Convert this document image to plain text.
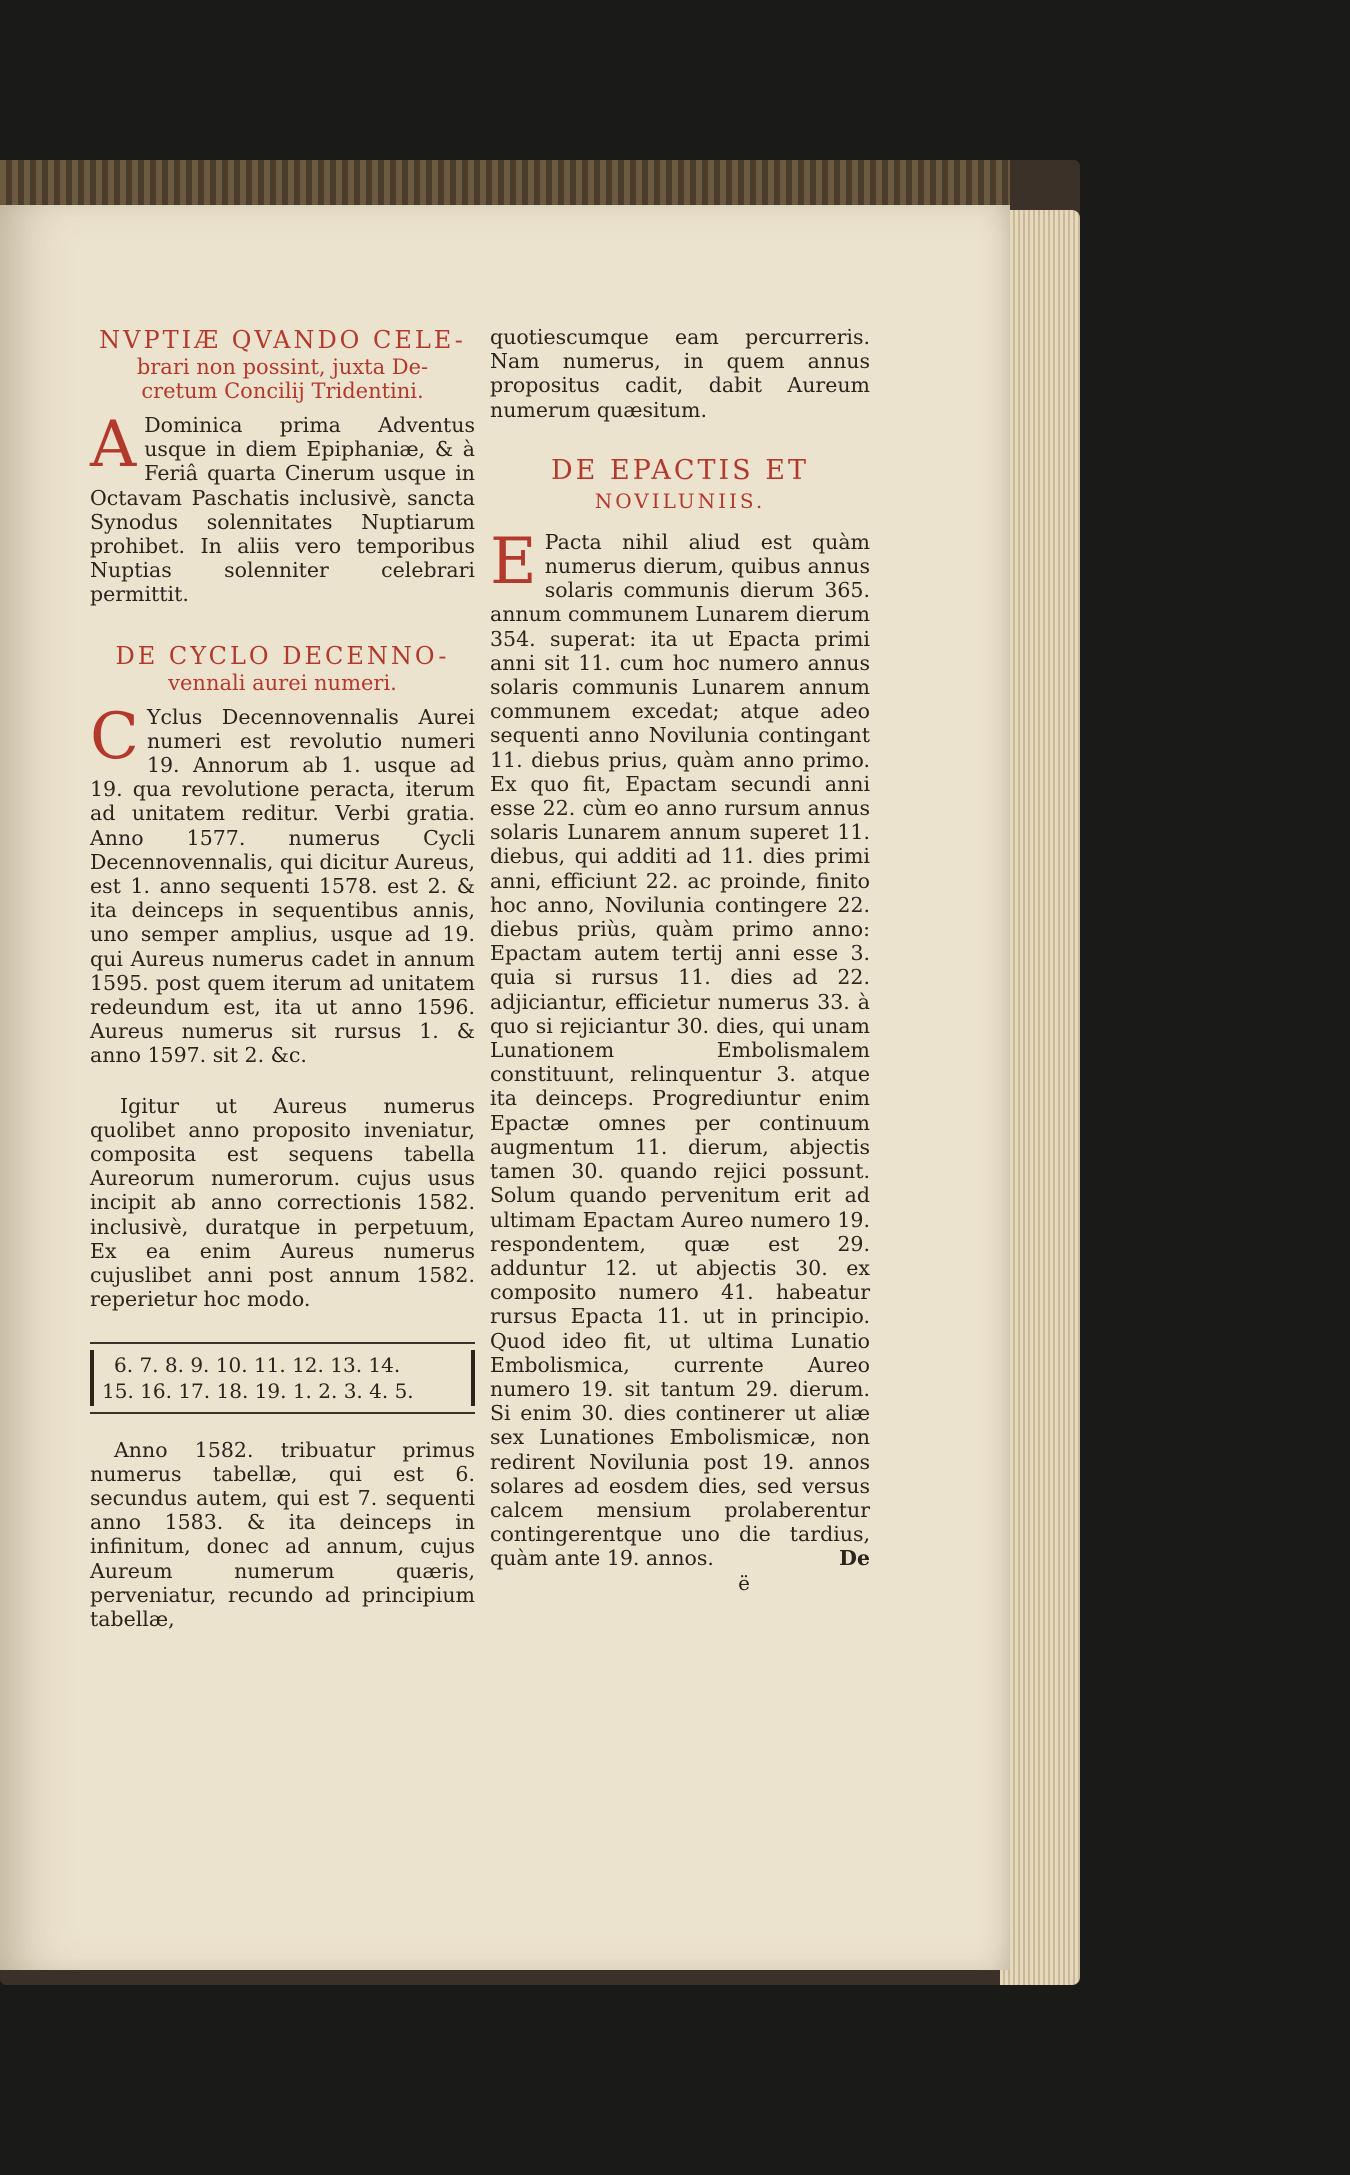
NVPTIÆ QVANDO CELE-
brari non possint, juxta De-
cretum Concilij Tridentini.
A Dominica prima Adventus usque in diem Epiphaniæ, & à Feriâ quarta Cinerum usque in Octavam Paschatis inclusivè, sancta Synodus solennitates Nuptiarum prohibet. In aliis vero temporibus Nuptias solenniter celebrari permittit.
DE CYCLO DECENNO-
vennali aurei numeri.
C Yclus Decennovennalis Aurei numeri est revolutio numeri 19. Annorum ab 1. usque ad 19. qua revolutione peracta, iterum ad unitatem reditur. Verbi gratia. Anno 1577. numerus Cycli Decennovennalis, qui dicitur Aureus, est 1. anno sequenti 1578. est 2. & ita deinceps in sequentibus annis, uno semper amplius, usque ad 19. qui Aureus numerus cadet in annum 1595. post quem iterum ad unitatem redeundum est, ita ut anno 1596. Aureus numerus sit rursus 1. & anno 1597. sit 2. &c.
Igitur ut Aureus numerus quolibet anno proposito inveniatur, composita est sequens tabella Aureorum numerorum. cujus usus incipit ab anno correctionis 1582. inclusivè, duratque in perpetuum, Ex ea enim Aureus numerus cujuslibet anni post annum 1582. reperietur hoc modo.
6. 7. 8. 9. 10. 11. 12. 13. 14.
15. 16. 17. 18. 19. 1. 2. 3. 4. 5.
Anno 1582. tribuatur primus numerus tabellæ, qui est 6. secundus autem, qui est 7. sequenti anno 1583. & ita deinceps in infinitum, donec ad annum, cujus Aureum numerum quæris, perveniatur, recundo ad principium tabellæ,
quotiescumque eam percurreris. Nam numerus, in quem annus propositus cadit, dabit Aureum numerum quæsitum.
DE EPACTIS ET
NOVILUNIIS.
E Pacta nihil aliud est quàm numerus dierum, quibus annus solaris communis dierum 365. annum communem Lunarem dierum 354. superat: ita ut Epacta primi anni sit 11. cum hoc numero annus solaris communis Lunarem annum communem excedat; atque adeo sequenti anno Novilunia contingant 11. diebus prius, quàm anno primo. Ex quo fit, Epactam secundi anni esse 22. cùm eo anno rursum annus solaris Lunarem annum superet 11. diebus, qui additi ad 11. dies primi anni, efficiunt 22. ac proinde, finito hoc anno, Novilunia contingere 22. diebus priùs, quàm primo anno: Epactam autem tertij anni esse 3. quia si rursus 11. dies ad 22. adjiciantur, efficietur numerus 33. à quo si rejiciantur 30. dies, qui unam Lunationem Embolismalem constituunt, relinquentur 3. atque ita deinceps. Progrediuntur enim Epactæ omnes per continuum augmentum 11. dierum, abjectis tamen 30. quando rejici possunt. Solum quando pervenitum erit ad ultimam Epactam Aureo numero 19. respondentem, quæ est 29. adduntur 12. ut abjectis 30. ex composito numero 41. habeatur rursus Epacta 11. ut in principio. Quod ideo fit, ut ultima Lunatio Embolismica, currente Aureo numero 19. sit tantum 29. dierum. Si enim 30. dies continerer ut aliæ sex Lunationes Embolismicæ, non redirent Novilunia post 19. annos solares ad eosdem dies, sed versus calcem mensium prolaberentur contingerentque uno die tardius, quàm ante 19. annos.	De
ë
